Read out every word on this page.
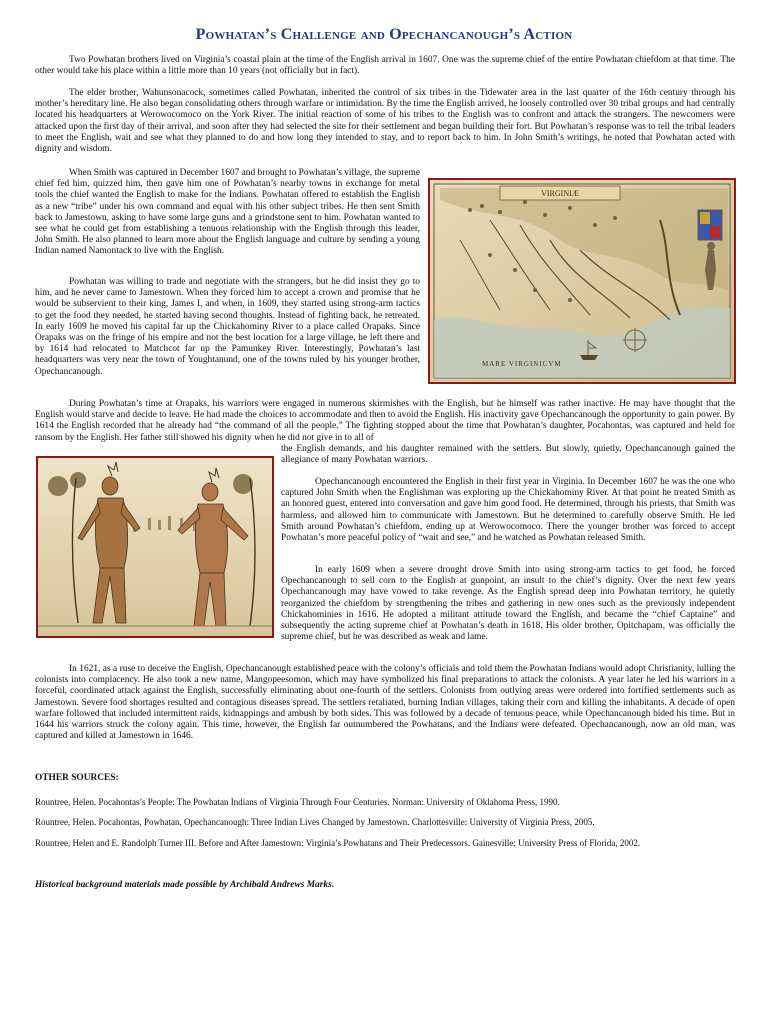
Powhatan’s Challenge and Opechancanough’s Action

Two Powhatan brothers lived on Virginia’s coastal plain at the time of the English arrival in 1607. One was the supreme chief of the entire Powhatan chiefdom at that time. The other would take his place within a little more than 10 years (not officially but in fact).

The elder brother, Wahunsonacock, sometimes called Powhatan, inherited the control of six tribes in the Tidewater area in the last quarter of the 16th century through his mother’s hereditary line. He also began consolidating others through warfare or intimidation. By the time the English arrived, he loosely controlled over 30 tribal groups and had centrally located his headquarters at Werowocomoco on the York River. The initial reaction of some of his tribes to the English was to confront and attack the strangers. The newcomers were attacked upon the first day of their arrival, and soon after they had selected the site for their settlement and began building their fort. But Powhatan’s response was to tell the tribal leaders to meet the English, wait and see what they planned to do and how long they intended to stay, and to report back to him. In John Smith’s writings, he noted that Powhatan acted with dignity and wisdom.

When Smith was captured in December 1607 and brought to Powhatan’s village, the supreme chief fed him, quizzed him, then gave him one of Powhatan’s nearby towns in exchange for metal tools the chief wanted the English to make for the Indians. Powhatan offered to establish the English as a new “tribe” under his own command and equal with his other subject tribes. He then sent Smith back to Jamestown, asking to have some large guns and a grindstone sent to him. Powhatan wanted to see what he could get from establishing a tenuous relationship with the English through this leader, John Smith. He also planned to learn more about the English language and culture by sending a young Indian named Namontack to live with the English.

Powhatan was willing to trade and negotiate with the strangers, but he did insist they go to him, and he never came to Jamestown. When they forced him to accept a crown and promise that he would be subservient to their king, James I, and when, in 1609, they started using strong-arm tactics to get the food they needed, he started having second thoughts. Instead of fighting back, he retreated. In early 1609 he moved his capital far up the Chickahominy River to a place called Orapaks. Since Orapaks was on the fringe of his empire and not the best location for a large village, he left there and by 1614 had relocated to Matchcot far up the Pamunkey River. Interestingly, Powhatan’s last headquarters was very near the town of Youghtanund, one of the towns ruled by his younger brother, Opechancanough.

VIRGINIÆ
MARE VIRGINICVM

During Powhatan’s time at Orapaks, his warriors were engaged in numerous skirmishes with the English, but he himself was rather inactive. He may have thought that the English would starve and decide to leave. He had made the choices to accommodate and then to avoid the English. His inactivity gave Opechancanough the opportunity to gain power. By 1614 the English recorded that he already had “the command of all the people.” The fighting stopped about the time that Powhatan’s daughter, Pocahontas, was captured and held for ransom by the English. Her father still showed his dignity when he did not give in to all of

the English demands, and his daughter remained with the settlers. But slowly, quietly, Opechancanough gained the allegiance of many Powhatan warriors.

Opechancanough encountered the English in their first year in Virginia. In December 1607 he was the one who captured John Smith when the Englishman was exploring up the Chickahominy River. At that point he treated Smith as an honored guest, entered into conversation and gave him good food. He determined, through his priests, that Smith was harmless, and allowed him to communicate with Jamestown. But he determined to carefully observe Smith. He led Smith around Powhatan’s chiefdom, ending up at Werowocomoco. There the younger brother was forced to accept Powhatan’s more peaceful policy of “wait and see,” and he watched as Powhatan released Smith.

In early 1609 when a severe drought drove Smith into using strong-arm tactics to get food, he forced Opechancanough to sell corn to the English at gunpoint, an insult to the chief’s dignity. Over the next few years Opechancanough may have vowed to take revenge. As the English spread deep into Powhatan territory, he quietly reorganized the chiefdom by strengthening the tribes and gathering in new ones such as the previously independent Chickahominies in 1616. He adopted a militant attitude toward the English, and became the “chief Captaine” and subsequently the acting supreme chief at Powhatan’s death in 1618. His older brother, Opitchapam, was officially the supreme chief, but he was described as weak and lame.

In 1621, as a ruse to deceive the English, Opechancanough established peace with the colony’s officials and told them the Powhatan Indians would adopt Christianity, lulling the colonists into complacency. He also took a new name, Mangopeesomon, which may have symbolized his final preparations to attack the colonists. A year later he led his warriors in a forceful, coordinated attack against the English, successfully eliminating about one-fourth of the settlers. Colonists from outlying areas were ordered into fortified settlements such as Jamestown. Severe food shortages resulted and contagious diseases spread. The settlers retaliated, burning Indian villages, taking their corn and killing the inhabitants. A decade of open warfare followed that included intermittent raids, kidnappings and ambush by both sides. This was followed by a decade of tenuous peace, while Opechancanough bided his time. But in 1644 his warriors struck the colony again. This time, however, the English far outnumbered the Powhatans, and the Indians were defeated. Opechancanough, now an old man, was captured and killed at Jamestown in 1646.

OTHER SOURCES:

Rountree, Helen. Pocahontas’s People: The Powhatan Indians of Virginia Through Four Centuries. Norman: University of Oklahoma Press, 1990.

Rountree, Helen. Pocahontas, Powhatan, Opechancanough: Three Indian Lives Changed by Jamestown. Charlottesville: University of Virginia Press, 2005.

Rountree, Helen and E. Randolph Turner III. Before and After Jamestown: Virginia’s Powhatans and Their Predecessors. Gainesville: University Press of Florida, 2002.

Historical background materials made possible by Archibald Andrews Marks.
